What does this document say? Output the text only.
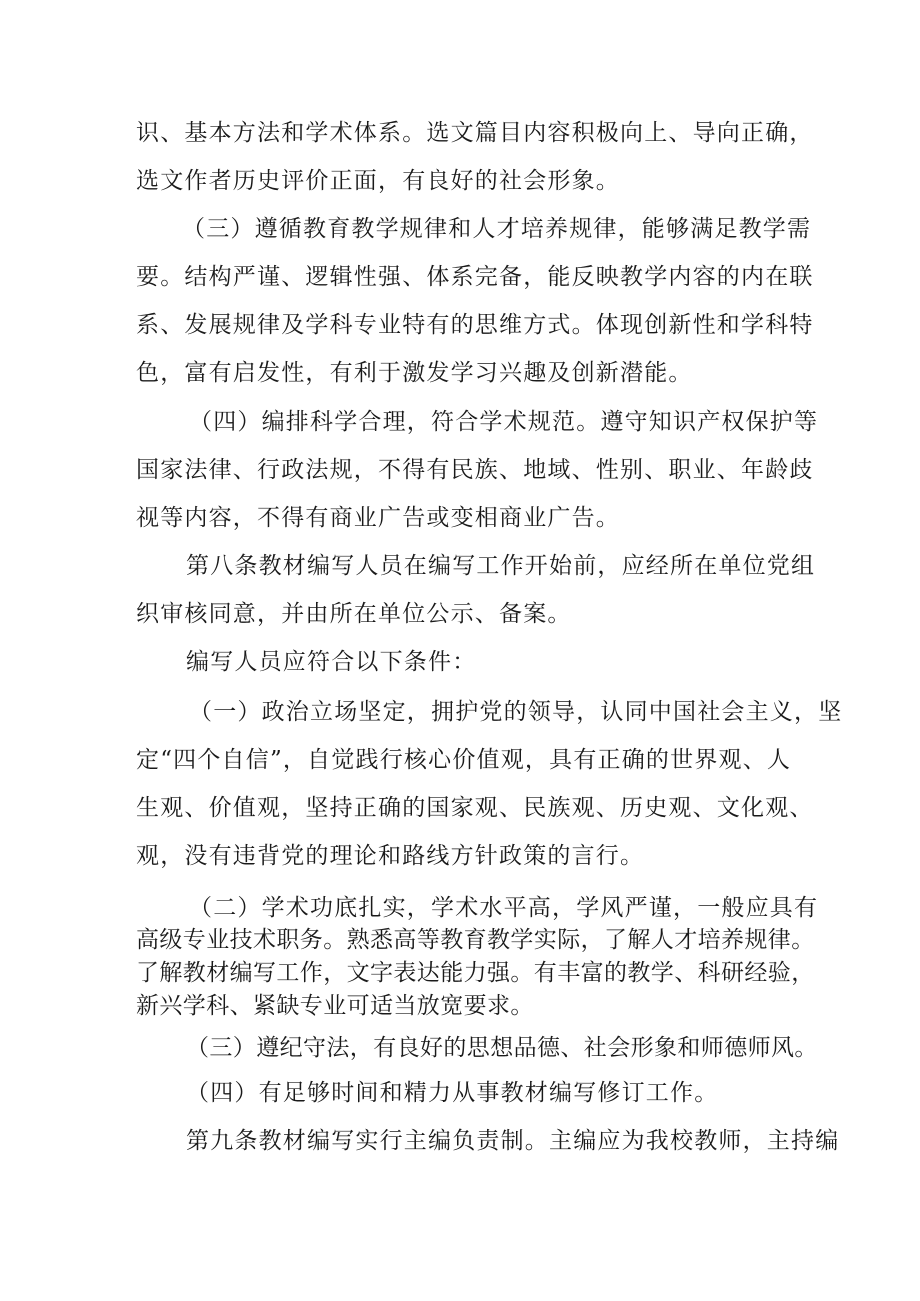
识、基本方法和学术体系。选文篇目内容积极向上、导向正确，
选文作者历史评价正面，有良好的社会形象。
（三）遵循教育教学规律和人才培养规律，能够满足教学需
要。结构严谨、逻辑性强、体系完备，能反映教学内容的内在联
系、发展规律及学科专业特有的思维方式。体现创新性和学科特
色，富有启发性，有利于激发学习兴趣及创新潜能。
（四）编排科学合理，符合学术规范。遵守知识产权保护等
国家法律、行政法规，不得有民族、地域、性别、职业、年龄歧
视等内容，不得有商业广告或变相商业广告。
第八条教材编写人员在编写工作开始前，应经所在单位党组
织审核同意，并由所在单位公示、备案。
编写人员应符合以下条件：
（一）政治立场坚定，拥护党的领导，认同中国社会主义，坚
定“四个自信”，自觉践行核心价值观，具有正确的世界观、人
生观、价值观，坚持正确的国家观、民族观、历史观、文化观、
观，没有违背党的理论和路线方针政策的言行。
（二）学术功底扎实，学术水平高，学风严谨，一般应具有
高级专业技术职务。熟悉高等教育教学实际，了解人才培养规律。
了解教材编写工作，文字表达能力强。有丰富的教学、科研经验，
新兴学科、紧缺专业可适当放宽要求。
（三）遵纪守法，有良好的思想品德、社会形象和师德师风。
（四）有足够时间和精力从事教材编写修订工作。
第九条教材编写实行主编负责制。主编应为我校教师，主持编
